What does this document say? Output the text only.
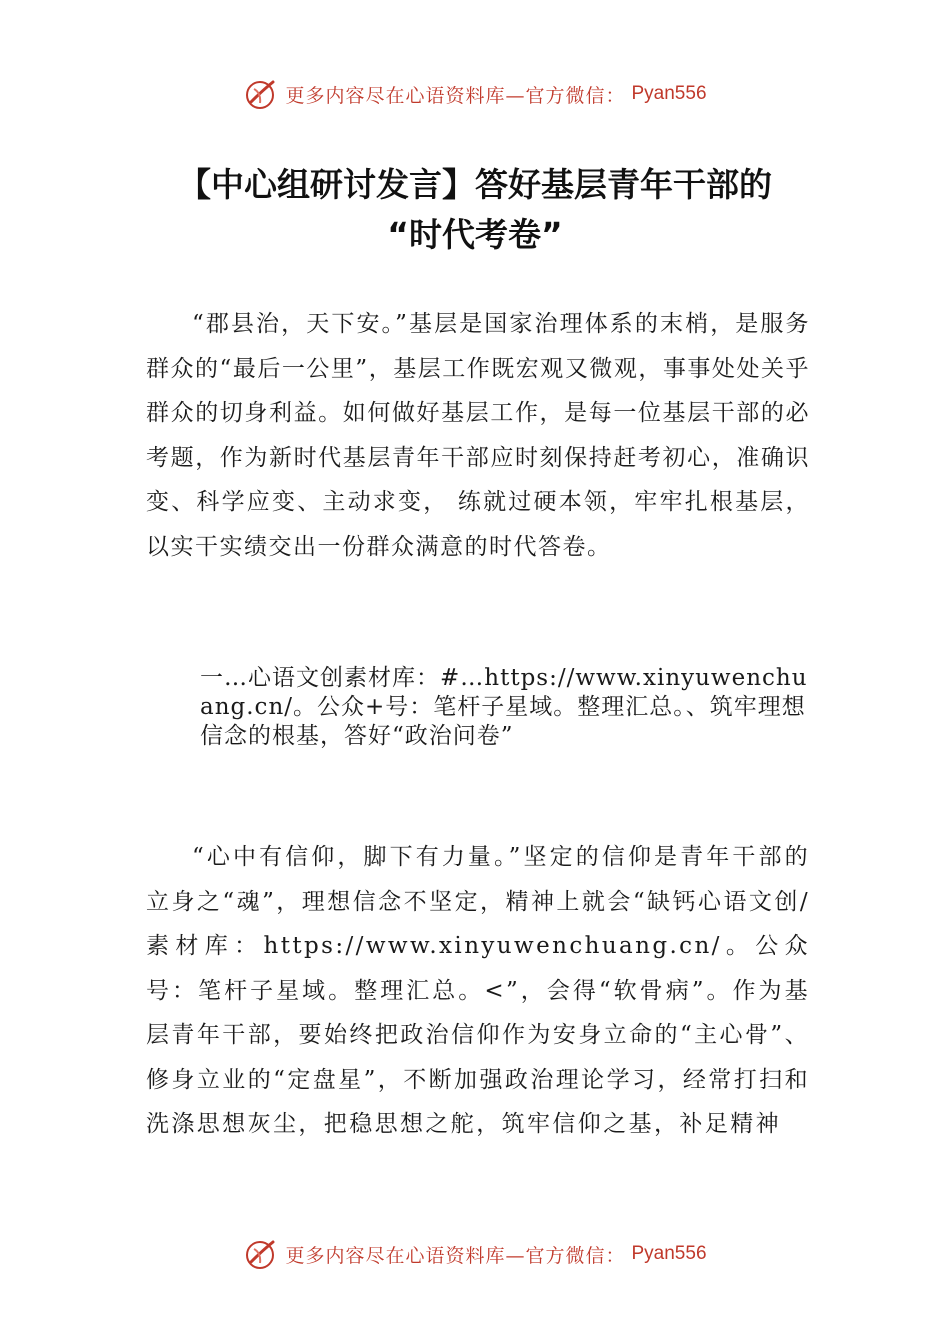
更多内容尽在心语资料库—官方微信： Pyan556
【中心组研讨发言】答好基层青年干部的
“时代考卷”

“郡县治，天下安。”基层是国家治理体系的末梢，是服务群众的“最后一公里”，基层工作既宏观又微观，事事处处关乎群众的切身利益。如何做好基层工作，是每一位基层干部的必考题，作为新时代基层青年干部应时刻保持赶考初心，准确识变、科学应变、主动求变， 练就过硬本领，牢牢扎根基层，以实干实绩交出一份群众满意的时代答卷。

一…心语文创素材库：#…https://www.xinyuwenchuang.cn/。公众+号：笔杆子星域。整理汇总。、筑牢理想信念的根基，答好“政治问卷”

“心中有信仰，脚下有力量。”坚定的信仰是青年干部的立身之“魂”，理想信念不坚定，精神上就会“缺钙心语文创/素材库：https://www.xinyuwenchuang.cn/。公众号：笔杆子星域。整理汇总。<”，会得“软骨病”。作为基层青年干部，要始终把政治信仰作为安身立命的“主心骨”、修身立业的“定盘星”，不断加强政治理论学习，经常打扫和洗涤思想灰尘，把稳思想之舵，筑牢信仰之基，补足精神

更多内容尽在心语资料库—官方微信： Pyan556
